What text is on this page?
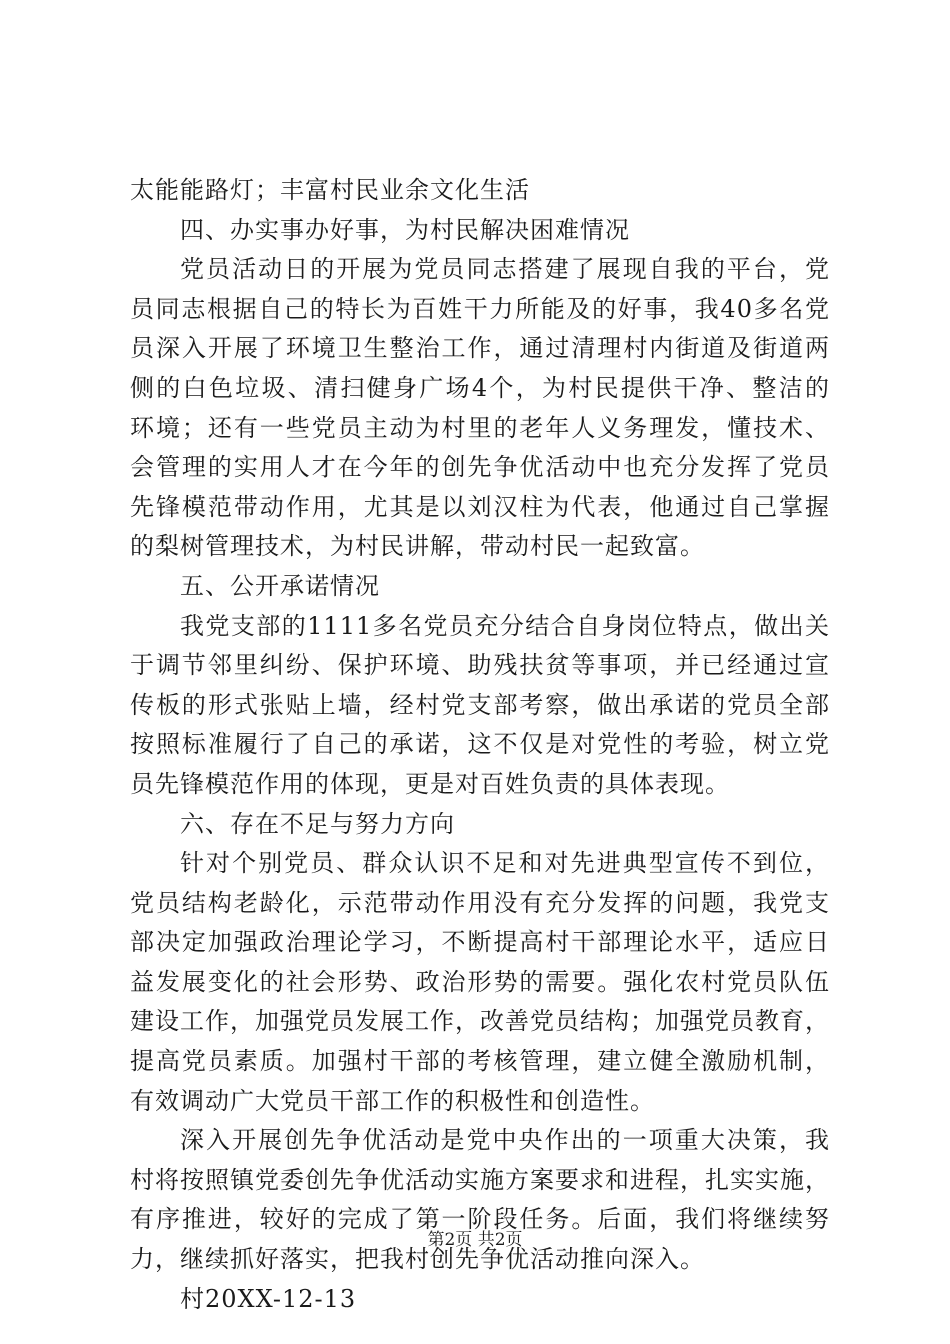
太能能路灯；丰富村民业余文化生活
四、办实事办好事，为村民解决困难情况
党员活动日的开展为党员同志搭建了展现自我的平台，党
员同志根据自己的特长为百姓干力所能及的好事，我40多名党
员深入开展了环境卫生整治工作，通过清理村内街道及街道两
侧的白色垃圾、清扫健身广场4个，为村民提供干净、整洁的
环境；还有一些党员主动为村里的老年人义务理发，懂技术、
会管理的实用人才在今年的创先争优活动中也充分发挥了党员
先锋模范带动作用，尤其是以刘汉柱为代表，他通过自己掌握
的梨树管理技术，为村民讲解，带动村民一起致富。
五、公开承诺情况
我党支部的1111多名党员充分结合自身岗位特点，做出关
于调节邻里纠纷、保护环境、助残扶贫等事项，并已经通过宣
传板的形式张贴上墙，经村党支部考察，做出承诺的党员全部
按照标准履行了自己的承诺，这不仅是对党性的考验，树立党
员先锋模范作用的体现，更是对百姓负责的具体表现。
六、存在不足与努力方向
针对个别党员、群众认识不足和对先进典型宣传不到位，
党员结构老龄化，示范带动作用没有充分发挥的问题，我党支
部决定加强政治理论学习，不断提高村干部理论水平，适应日
益发展变化的社会形势、政治形势的需要。强化农村党员队伍
建设工作，加强党员发展工作，改善党员结构；加强党员教育，
提高党员素质。加强村干部的考核管理，建立健全激励机制，
有效调动广大党员干部工作的积极性和创造性。
深入开展创先争优活动是党中央作出的一项重大决策，我
村将按照镇党委创先争优活动实施方案要求和进程，扎实实施，
有序推进，较好的完成了第一阶段任务。后面，我们将继续努
力，继续抓好落实，把我村创先争优活动推向深入。
村20XX-12-13
第2页 共2页
